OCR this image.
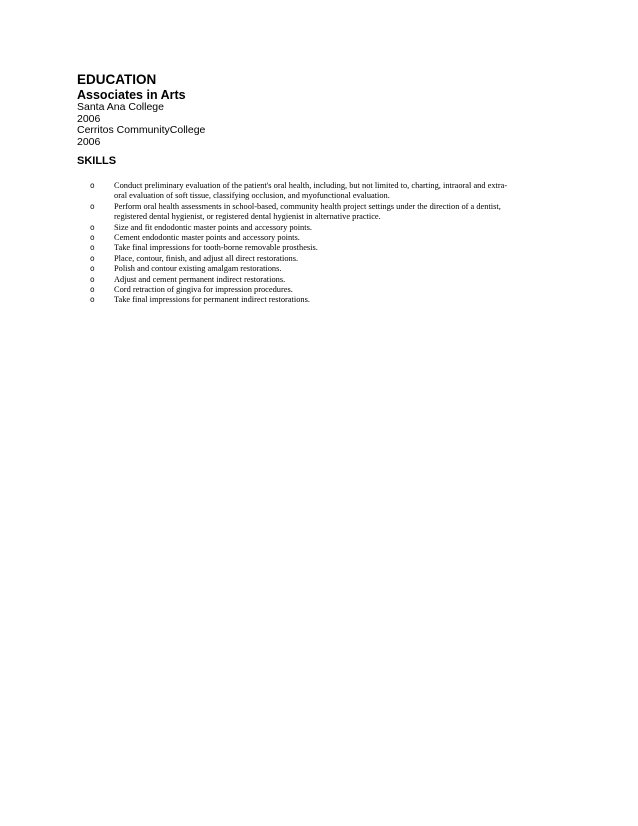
EDUCATION
Associates in Arts
Santa Ana College
2006
Cerritos CommunityCollege
2006
SKILLS
o Conduct preliminary evaluation of the patient's oral health, including, but not limited to, charting, intraoral and extra-
oral evaluation of soft tissue, classifying occlusion, and myofunctional evaluation.
o Perform oral health assessments in school-based, community health project settings under the direction of a dentist,
registered dental hygienist, or registered dental hygienist in alternative practice.
o Size and fit endodontic master points and accessory points.
o Cement endodontic master points and accessory points.
o Take final impressions for tooth-borne removable prosthesis.
o Place, contour, finish, and adjust all direct restorations.
o Polish and contour existing amalgam restorations.
o Adjust and cement permanent indirect restorations.
o Cord retraction of gingiva for impression procedures.
o Take final impressions for permanent indirect restorations.
